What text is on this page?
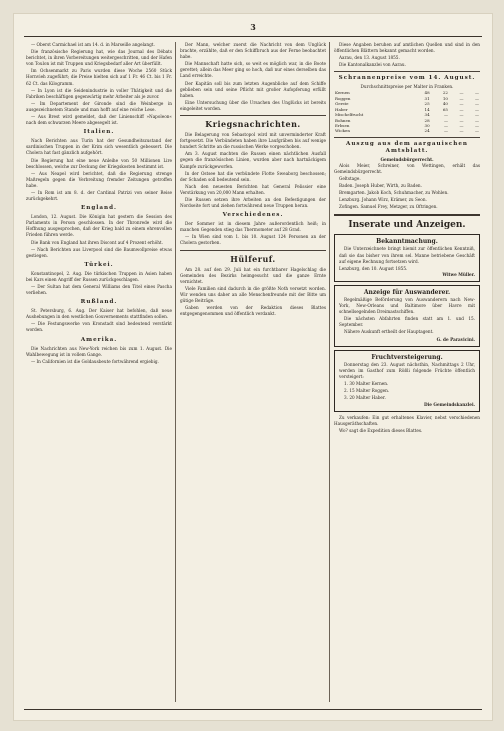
3

— Oberst Carmichael ist am 14. d. in Marseille angelangt.

Die französische Regierung hat, wie das Journal des Débats berichtet, in ihren Vorbereitungen weitergeschritten, und der Hafen von Toulon ist mit Truppen und Kriegsbedarf aller Art überfüllt.

Im Ochsenmarkt zu Paris wurden diese Woche 2560 Stück Hornvieh zugeführt; die Preise hielten sich auf 1 Fr. 46 Ct. bis 1 Fr. 62 Ct. das Kilogramm.

— In Lyon ist die Seidenindustrie in voller Thätigkeit und die Fabriken beschäftigen gegenwärtig mehr Arbeiter als je zuvor.

— Im Departement der Gironde sind die Weinberge in ausgezeichnetem Stande und man hofft auf eine reiche Lese.

— Aus Brest wird gemeldet, daß der Linienschiff »Napoleon« nach dem schwarzen Meere abgesegelt ist.

Italien.

Nach Berichten aus Turin hat der Gesundheitszustand der sardinischen Truppen in der Krim sich wesentlich gebessert. Die Cholera hat fast gänzlich aufgehört.

Die Regierung hat eine neue Anleihe von 50 Millionen Lire beschlossen, welche zur Deckung der Kriegskosten bestimmt ist.

— Aus Neapel wird berichtet, daß die Regierung strenge Maßregeln gegen die Verbreitung fremder Zeitungen getroffen habe.

— In Rom ist am 8. d. der Cardinal Patrizi von seiner Reise zurückgekehrt.

England.

London, 12. August. Die Königin hat gestern die Session des Parlaments in Person geschlossen. In der Thronrede wird die Hoffnung ausgesprochen, daß der Krieg bald zu einem ehrenvollen Frieden führen werde.

Die Bank von England hat ihren Discont auf 4 Prozent erhöht.

— Nach Berichten aus Liverpool sind die Baumwollpreise etwas gestiegen.

Türkei.

Konstantinopel, 2. Aug. Die türkischen Truppen in Asien haben bei Kars einen Angriff der Russen zurückgeschlagen.

— Der Sultan hat dem General Williams den Titel eines Pascha verliehen.

Rußland.

St. Petersburg, 6. Aug. Der Kaiser hat befohlen, daß neue Aushebungen in den westlichen Gouvernements stattfinden sollen.

— Die Festungswerke von Kronstadt sind bedeutend verstärkt worden.

Amerika.

Die Nachrichten aus New-York reichen bis zum 1. August. Die Wahlbewegung ist in vollem Gange.

— In Californien ist die Goldausbeute fortwährend ergiebig.

Der Mann, welcher zuerst die Nachricht von dem Unglück brachte, erzählte, daß er den Schiffbruch aus der Ferne beobachtet habe.

Die Mannschaft hatte sich, so weit es möglich war, in die Boote gerettet; allein das Meer ging so hoch, daß nur eines derselben das Land erreichte.

Der Kapitän soll bis zum letzten Augenblicke auf dem Schiffe geblieben sein und seine Pflicht mit großer Aufopferung erfüllt haben.

Eine Untersuchung über die Ursachen des Unglücks ist bereits eingeleitet worden.

Kriegsnachrichten.

Die Belagerung von Sebastopol wird mit unverminderter Kraft fortgesetzt. Die Verbündeten haben ihre Laufgräben bis auf wenige hundert Schritte an die russischen Werke vorgeschoben.

Am 3. August machten die Russen einen nächtlichen Ausfall gegen die französischen Linien, wurden aber nach hartnäckigem Kampfe zurückgeworfen.

In der Ostsee hat die verbündete Flotte Sweaborg beschossen; der Schaden soll bedeutend sein.

Nach den neuesten Berichten hat General Pelissier eine Verstärkung von 20,000 Mann erhalten.

Die Russen setzen ihre Arbeiten an den Befestigungen der Nordseite fort und ziehen fortwährend neue Truppen heran.

Verschiedenes.

Der Sommer ist in diesem Jahre außerordentlich heiß; in manchen Gegenden stieg das Thermometer auf 28 Grad.

— In Wien sind vom 1. bis 10. August 124 Personen an der Cholera gestorben.

Hülferuf.

Am 28. auf den 29. Juli hat ein furchtbarer Hagelschlag die Gemeinden des Bezirks heimgesucht und die ganze Ernte vernichtet.

Viele Familien sind dadurch in die größte Noth versetzt worden. Wir wenden uns daher an alle Menschenfreunde mit der Bitte um gütige Beiträge.

Gaben werden von der Redaktion dieses Blattes entgegengenommen und öffentlich verdankt.

Diese Angaben beruhen auf amtlichen Quellen und sind in den öffentlichen Blättern bekannt gemacht worden.

Aarau, den 13. August 1855.

Die Kantonalkanzlei von Aarau.

Schrannenpreise vom 14. August.
Durchschnittspreise per Malter in Franken.
Kernen	48	22	—	—
Roggen	31	10	—	—
Gerste	25	40	—	—
Haber	14	65	—	—
Mischelfrucht	34	—	—	—
Bohnen	28	—	—	—
Erbsen	30	—	—	—
Wicken	24	—	—	—
Auszug aus dem aargauischen Amtsblatt.
Gemeindsbürgerrecht.

Alois Meier, Schreiner, von Wettingen, erhält das Gemeindsbürgerrecht.

Geltstage.

Baden. Joseph Huber, Wirth, zu Baden.

Bremgarten. Jakob Koch, Schuhmacher, zu Wohlen.

Lenzburg. Johann Wirz, Krämer, zu Seon.

Zofingen. Samuel Frey, Metzger, zu Oftringen.

Inserate und Anzeigen.
Bekanntmachung.

Die Unterzeichnete bringt hiemit zur öffentlichen Kenntniß, daß sie das bisher von ihrem sel. Manne betriebene Geschäft auf eigene Rechnung fortsetzen wird.

Lenzburg, den 10. August 1855.
Witwe Müller.
Anzeige für Auswanderer.

Regelmäßige Beförderung von Auswanderern nach New-York, New-Orleans und Baltimore über Havre mit schnellsegelnden Dreimastschiffen.

Die nächsten Abfahrten finden statt am 1. und 15. September.

Nähere Auskunft ertheilt der Hauptagent.

G. de Paravicini.
Fruchtversteigerung.

Donnerstag den 23. August nächsthin, Nachmittags 2 Uhr, werden im Gasthof zum Rößli folgende Früchte öffentlich versteigert:

1. 30 Malter Kernen.

2. 15 Malter Roggen.

3. 20 Malter Haber.

Die Gemeindskanzlei.

Zu verkaufen: Ein gut erhaltenes Klavier, nebst verschiedenen Hausgeräthschaften.

Wo? sagt die Expedition dieses Blattes.
